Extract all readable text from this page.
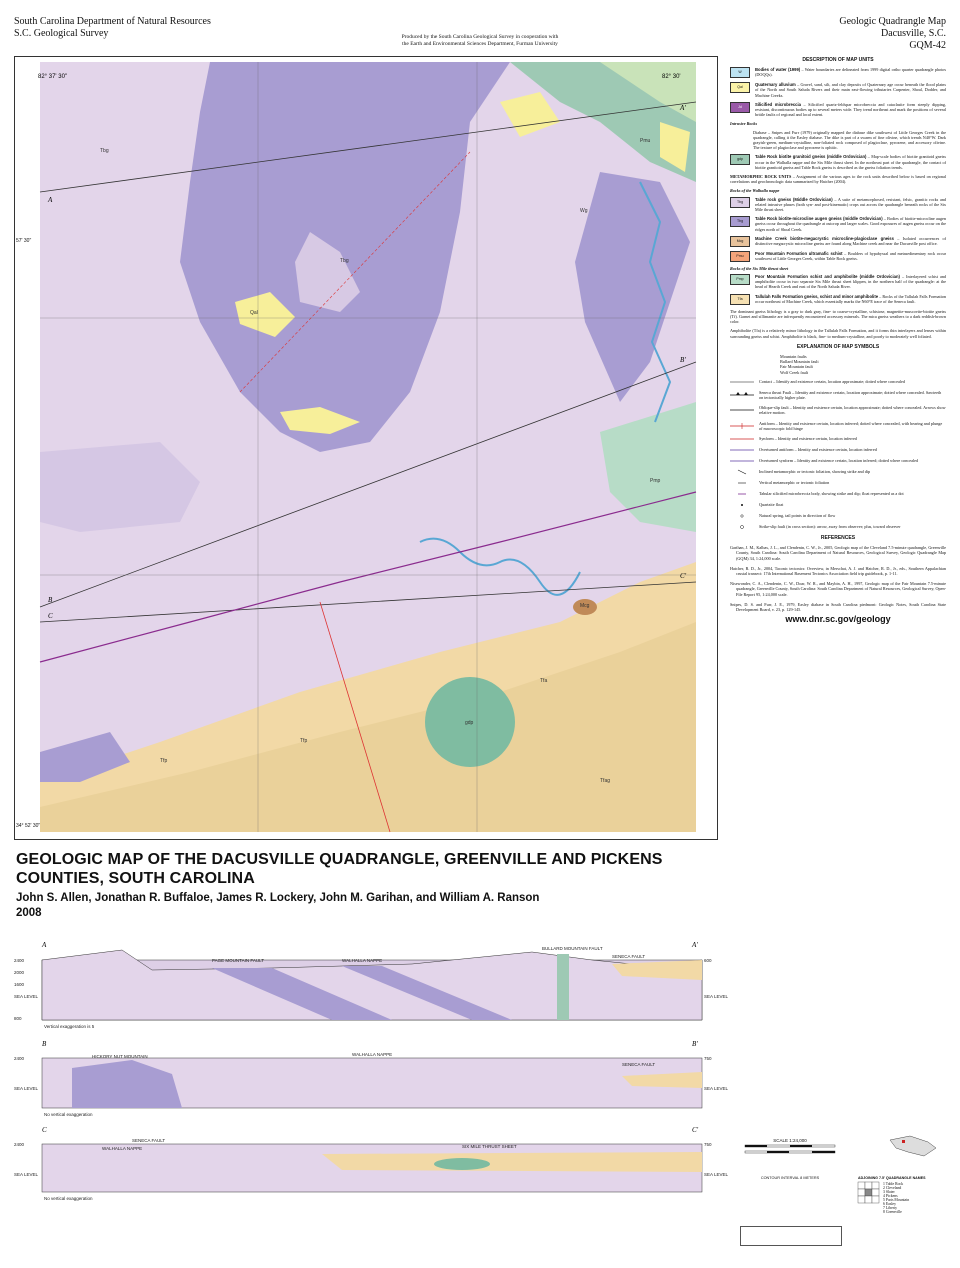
South Carolina Department of Natural Resources
S.C. Geological Survey	Produced by the South Carolina Geological Survey in cooperation with
the Earth and Environmental Sciences Department, Furman University
Geologic Quadrangle Map
Dacusville, S.C.
GQM-42
82° 37' 30"	82° 30'
A
A'
B
B'
C
C'
Wg
Tbg
Tbg
Qal
Pmu
Mcg
Tfp
Tfp
Pmp
gdp
Tfa
Tfag
57' 30"
34° 52' 30"
GEOLOGIC MAP OF THE DACUSVILLE QUADRANGLE, GREENVILLE AND PICKENS COUNTIES, SOUTH CAROLINA
John S. Allen, Jonathan R. Buffaloe, James R. Lockery, John M. Garihan, and William A. Ranson
2008
A	A'
PAGE MOUNTAIN FAULT	WALHALLA NAPPE
BULLARD MOUNTAIN FAULT
SENECA FAULT
2400
2000
1600
SEA LEVEL
800
600
SEA LEVEL
Vertical exaggeration is 5
B	B'
HICKORY NUT MOUNTAIN	WALHALLA NAPPE
SENECA FAULT
2400
SEA LEVEL
750
SEA LEVEL
No vertical exaggeration
C	C'
SENECA FAULT
WALHALLA NAPPE	SIX MILE THRUST SHEET
2400
SEA LEVEL
750
SEA LEVEL
No vertical exaggeration
DESCRIPTION OF MAP UNITS
W	Bodies of water (1999) – Water boundaries are delineated from 1999 digital ortho quarter quadrangle photos (DOQQs).
Qal	Quaternary alluvium – Gravel, sand, silt, and clay deposits of Quaternary age occur beneath the flood plains of the North and South Saluda Rivers and their main east-flowing tributaries Carpenter, Shoal, Dodder, and Machine Creeks.
Jd	Silicified microbreccia – Silicified quartz-feldspar microbreccia and cataclasite form steeply dipping, resistant, discontinuous bodies up to several meters wide. They trend northeast and mark the positions of several brittle faults of regional and local extent.
Intrusive Rocks
Diabase – Snipes and Furr (1979) originally mapped the diabase dike southwest of Little Georges Creek in the quadrangle, calling it the Easley diabase. The dike is part of a swarm of fine olivine, which trends N40°W. Dark grayish-green, medium-crystalline, non-foliated rock composed of plagioclase, pyroxene, and accessory olivine. The texture of plagioclase and pyroxene is ophitic.
gdp	Table Rock biotite granitoid gneiss (middle Ordovician) – Map-scale bodies of biotite granitoid gneiss occur in the Walhalla nappe and the Six Mile thrust sheet. In the northeast part of the quadrangle, the contact of biotite granitoid gneiss and Table Rock gneiss is described as the gneiss foliation trends.
METAMORPHIC ROCK UNITS – Assignment of the various ages to the rock units described below is based on regional correlations and geochronologic data summarized by Hatcher (2004).
Rocks of the Walhalla nappe
Tbg	Table rock gneiss (Middle Ordovician) – A suite of metamorphosed, resistant, felsic, granitic rocks and related intrusive phases (both syn- and post-kinematic) crops out across the quadrangle beneath rocks of the Six Mile thrust sheet.
Tbg	Table Rock biotite-microcline augen gneiss (middle Ordovician) – Bodies of biotite-microcline augen gneiss occur throughout the quadrangle at outcrop and larger scales. Good exposures of augen gneiss occur on the ridges north of Shoal Creek.
Mcg	Machine Creek biotite-megacrystic microcline-plagioclase gneiss – Isolated occurrences of distinctive megacrystic microcline gneiss are found along Machine creek and near the Dacusville post office.
Pmu	Poor Mountain Formation ultramafic schist – Boulders of hypabyssal and metasedimentary rock occur southwest of Little Georges Creek, within Table Rock gneiss.
Rocks of the Six Mile thrust sheet
Pmp	Poor Mountain Formation schist and amphibolite (middle Ordovician) – Interlayered schist and amphibolite occur in two separate Six Mile thrust sheet klippen, in the northern half of the quadrangle: at the head of Hearth Creek and east of the North Saluda River.
Tfa	Tallulah Falls Formation gneiss, schist and minor amphibolite – Rocks of the Tallulah Falls Formation occur northeast of Machine Creek, which essentially marks the N60°E trace of the Seneca fault.
The dominant gneiss lithology is a gray to dark gray, fine- to coarse-crystalline, schistose, magnetite-muscovite-biotite gneiss (Tf). Garnet and sillimanite are infrequently encountered accessory minerals. The mica gneiss weathers to a dark reddish-brown color.
Amphibolite (Tfa) is a relatively minor lithology in the Tallulah Falls Formation, and it forms thin interlayers and lenses within surrounding gneiss and schist. Amphibolite is black, fine- to medium-crystalline, and poorly to moderately well foliated.
EXPLANATION OF MAP SYMBOLS
Mountain faults
Bullard Mountain fault
Fair Mountain fault
Wolf Creek fault
Contact – Identify and existence certain, location approximate; dotted where concealed
Seneca thrust Fault – Identity and existence certain, location approximate; dotted where concealed. Sawteeth on tectonically higher plate.
Oblique-slip fault – Identity and existence certain, location approximate; dotted where concealed. Arrows show relative motion.
Antiform – Identity and existence certain, location inferred; dotted where concealed, with bearing and plunge of macroscopic fold hinge
Synform – Identity and existence certain, location inferred
Overturned antiform – Identity and existence certain, location inferred
Overturned synform – Identity and existence certain, location inferred; dotted where concealed
Inclined metamorphic or tectonic foliation, showing strike and dip
Vertical metamorphic or tectonic foliation
Tabular silicified microbreccia body, showing strike and dip; float represented as a dot
Quartzite float
Natural spring, tail points in direction of flow
Strike-slip fault (in cross section): arrow, away from observer; plus, toward observer
REFERENCES
Garihan, J. M., Kalbas, J. L., and Clendenin, C. W., Jr., 2005, Geologic map of the Cleveland 7.5-minute quadrangle, Greenville County, South Carolina: South Carolina Department of Natural Resources, Geological Survey, Geologic Quadrangle Map (GQM) 34, 1:24,000 scale.
Hatcher, R. D., Jr., 2004, Taconic tectonics: Overview, in Merschat, A. J. and Hatcher, R. D., Jr., eds., Southern Appalachian crustal transect: 17th International Basement Tectonics Association field trip guidebook, p. 1-11.
Nisewonder, C. A., Clendenin, C. W., Doar, W. R., and Maybin, A. H., 1997, Geologic map of the Fair Mountain 7.5-minute quadrangle, Greenville County, South Carolina: South Carolina Department of Natural Resources, Geological Survey, Open-File Report 95, 1:24,000 scale.
Snipes, D. S. and Furr, J. E., 1979, Easley diabase in South Carolina piedmont: Geologic Notes, South Carolina State Development Board, v. 23, p. 129-145.
www.dnr.sc.gov/geology
SCALE 1:24,000
CONTOUR INTERVAL 8 METERS	ADJOINING 7.5' QUADRANGLE NAMES
1 Table Rock
2 Cleveland
3 Slater
4 Pickens
5 Paris Mountain
6 Easley
7 Liberty
8 Greenville
